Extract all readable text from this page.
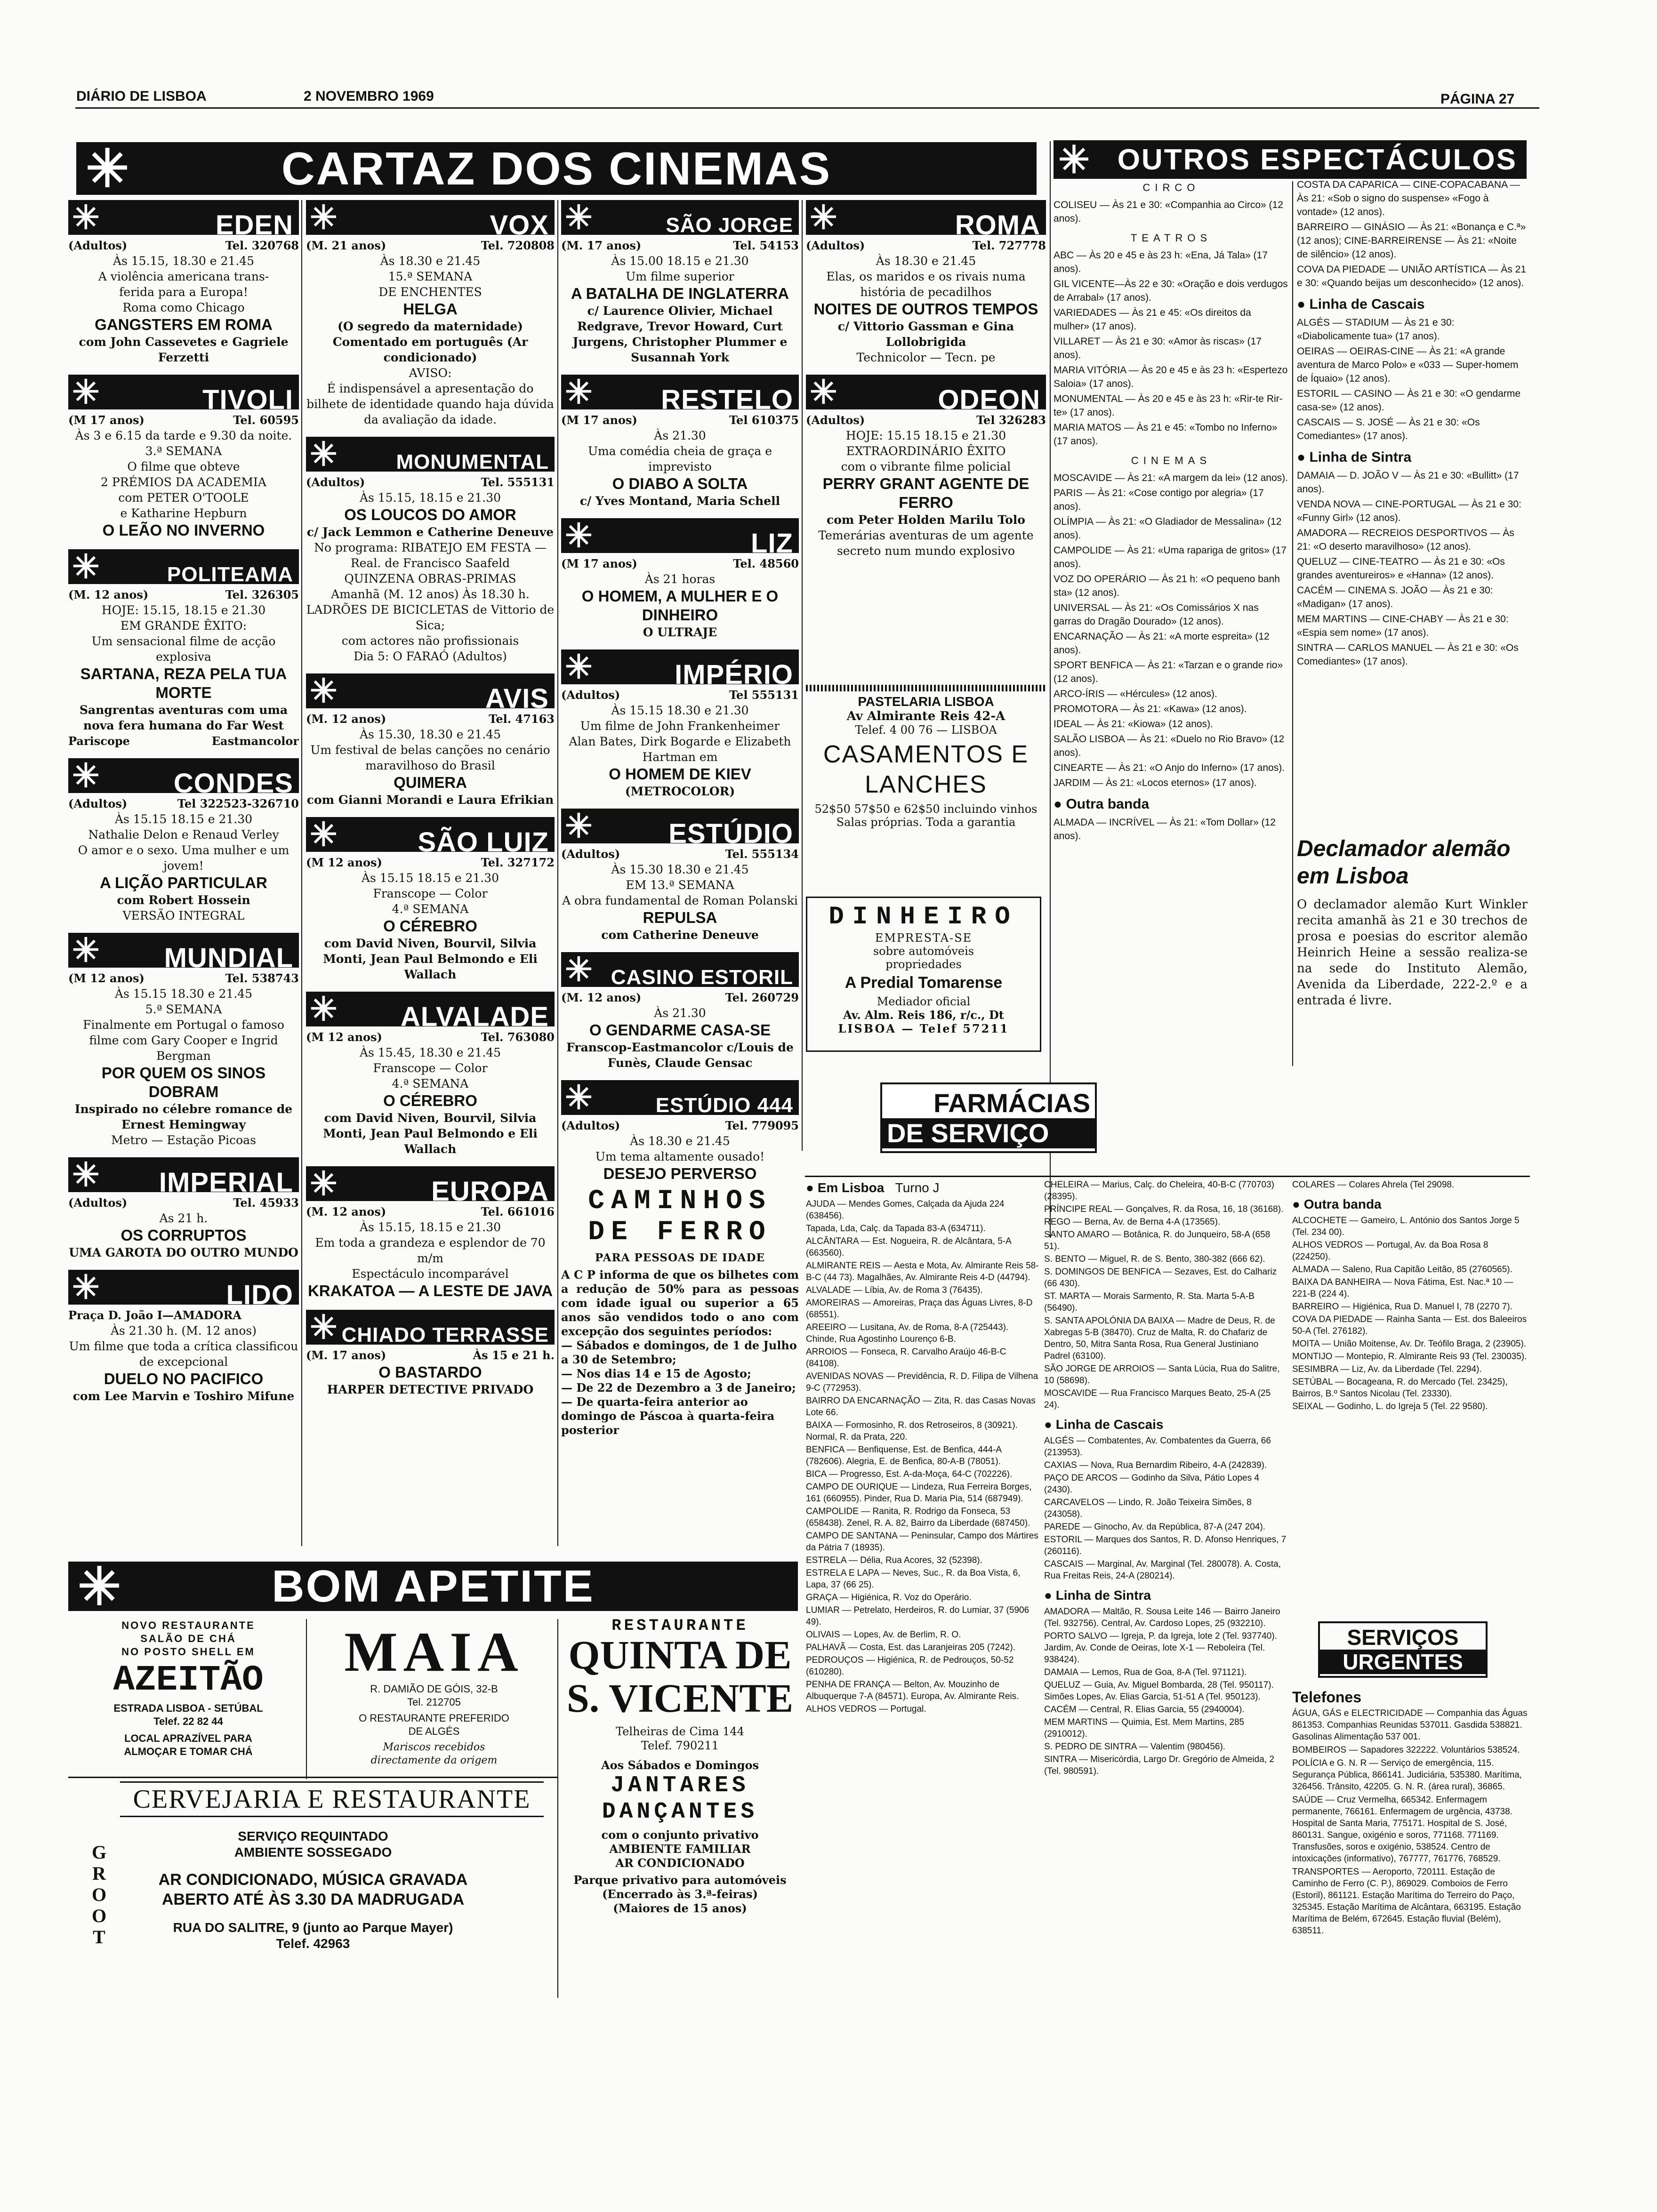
DIÁRIO DE LISBOA	2 NOVEMBRO 1969	PÁGINA 27
✳	CARTAZ DOS CINEMAS
✳	EDEN
(Adultos)	Tel. 320768
Às 15.15, 18.30 e 21.45
A violência americana trans-
ferida para a Europa!
Roma como Chicago
GANGSTERS EM ROMA
com John Cassevetes e Gagriele Ferzetti
✳	TIVOLI
(M 17 anos)	Tel. 60595
Às 3 e 6.15 da tarde e 9.30 da noite.
3.ª SEMANA
O filme que obteve
2 PRÉMIOS DA ACADEMIA
com PETER O'TOOLE
e Katharine Hepburn
O LEÃO NO INVERNO
✳	POLITEAMA
(M. 12 anos)	Tel. 326305
HOJE: 15.15, 18.15 e 21.30
EM GRANDE ÊXITO:
Um sensacional filme de acção explosiva
SARTANA, REZA PELA TUA MORTE
Sangrentas aventuras com uma nova fera humana do Far West
Pariscope	Eastmancolor
✳	CONDES
(Adultos)	Tel 322523-326710
Às 15.15 18.15 e 21.30
Nathalie Delon e Renaud Verley
O amor e o sexo. Uma mulher e um jovem!
A LIÇÃO PARTICULAR
com Robert Hossein
VERSÃO INTEGRAL
✳ MUNDIAL
(M 12 anos)	Tel. 538743
Às 15.15 18.30 e 21.45
5.ª SEMANA
Finalmente em Portugal o famoso filme com Gary Cooper e Ingrid Bergman
POR QUEM OS SINOS DOBRAM
Inspirado no célebre romance de Ernest Hemingway
Metro — Estação Picoas
✳ IMPERIAL
(Adultos)	Tel. 45933
As 21 h.
OS CORRUPTOS
UMA GAROTA DO OUTRO MUNDO
✳	LIDO
Praça D. João I—AMADORA
Às 21.30 h. (M. 12 anos)
Um filme que toda a crítica classificou de excepcional
DUELO NO PACIFICO
com Lee Marvin e Toshiro Mifune
✳	VOX
(M. 21 anos)	Tel. 720808
Às 18.30 e 21.45
15.ª SEMANA
DE ENCHENTES
HELGA
(O segredo da maternidade) Comentado em português (Ar condicionado)
AVISO:
É indispensável a apresentação do bilhete de identidade quando haja dúvida da avaliação da idade.
✳	MONUMENTAL
(Adultos)	Tel. 555131
Às 15.15, 18.15 e 21.30
OS LOUCOS DO AMOR
c/ Jack Lemmon e Catherine Deneuve
No programa: RIBATEJO EM FESTA — Real. de Francisco Saafeld
QUINZENA OBRAS-PRIMAS
Amanhã (M. 12 anos) Às 18.30 h.
LADRÕES DE BICICLETAS de Vittorio de Sica;
com actores não profissionais
Dia 5: O FARAÓ (Adultos)
✳	AVIS
(M. 12 anos)	Tel. 47163
Às 15.30, 18.30 e 21.45
Um festival de belas canções no cenário maravilhoso do Brasil
QUIMERA
com Gianni Morandi e Laura Efrikian
✳	SÃO LUIZ
(M 12 anos)	Tel. 327172
Às 15.15 18.15 e 21.30
Franscope — Color
4.ª SEMANA
O CÉREBRO
com David Niven, Bourvil, Silvia Monti, Jean Paul Belmondo e Eli Wallach
✳ ALVALADE
(M 12 anos)	Tel. 763080
Às 15.45, 18.30 e 21.45
Franscope — Color
4.ª SEMANA
O CÉREBRO
com David Niven, Bourvil, Silvia Monti, Jean Paul Belmondo e Eli Wallach
✳	EUROPA
(M. 12 anos)	Tel. 661016
Às 15.15, 18.15 e 21.30
Em toda a grandeza e esplendor de 70 m/m
Espectáculo incomparável
KRAKATOA — A LESTE DE JAVA
✳ CHIADO TERRASSE
(M. 17 anos)	Às 15 e 21 h.
O BASTARDO
HARPER DETECTIVE PRIVADO
✳	SÃO JORGE
(M. 17 anos)	Tel. 54153
Às 15.00 18.15 e 21.30
Um filme superior
A BATALHA DE INGLATERRA
c/ Laurence Olivier, Michael Redgrave, Trevor Howard, Curt Jurgens, Christopher Plummer e Susannah York
✳ RESTELO
(M 17 anos)	Tel 610375
Às 21.30
Uma comédia cheia de graça e imprevisto
O DIABO A SOLTA
c/ Yves Montand, Maria Schell
✳	LIZ
(M 17 anos)	Tel. 48560
Às 21 horas
O HOMEM, A MULHER E O DINHEIRO
O ULTRAJE
✳	IMPÉRIO
(Adultos)	Tel 555131
Às 15.15 18.30 e 21.30
Um filme de John Frankenheimer
Alan Bates, Dirk Bogarde e Elizabeth Hartman em
O HOMEM DE KIEV
(METROCOLOR)
✳	ESTÚDIO
(Adultos)	Tel. 555134
Às 15.30 18.30 e 21.45
EM 13.ª SEMANA
A obra fundamental de Roman Polanski
REPULSA
com Catherine Deneuve
✳ CASINO ESTORIL
(M. 12 anos)	Tel. 260729
Às 21.30
O GENDARME CASA-SE
Franscop-Eastmancolor c/Louis de Funès, Claude Gensac
✳	ESTÚDIO 444
(Adultos)	Tel. 779095
Às 18.30 e 21.45
Um tema altamente ousado!
DESEJO PERVERSO
✳	ROMA
(Adultos)	Tel. 727778
Às 18.30 e 21.45
Elas, os maridos e os rivais numa história de pecadilhos
NOITES DE OUTROS TEMPOS
c/ Vittorio Gassman e Gina Lollobrigida
Technicolor — Tecn. pe
✳	ODEON
(Adultos)	Tel 326283
HOJE: 15.15 18.15 e 21.30
EXTRAORDINÁRIO ÊXITO
com o vibrante filme policial
PERRY GRANT AGENTE DE FERRO
com Peter Holden Marilu Tolo
Temerárias aventuras de um agente secreto num mundo explosivo
PASTELARIA LISBOA
Av Almirante Reis 42-A
Telef. 4 00 76 — LISBOA
CASAMENTOS E LANCHES
52$50 57$50 e 62$50 incluindo vinhos
Salas próprias. Toda a garantia
DINHEIRO
EMPRESTA-SE
sobre automóveis
propriedades
A Predial Tomarense
Mediador oficial
Av. Alm. Reis 186, r/c., Dt
LISBOA — Telef 57211
CAMINHOS
DE FERRO
PARA PESSOAS DE IDADE
A C P informa de que os bilhetes com a redução de 50% para as pessoas com idade igual ou superior a 65 anos são vendidos todo o ano com excepção dos seguintes períodos:
— Sábados e domingos, de 1 de Julho a 30 de Setembro;
— Nos dias 14 e 15 de Agosto;
— De 22 de Dezembro a 3 de Janeiro;
— De quarta-feira anterior ao domingo de Páscoa à quarta-feira posterior
✳ OUTROS ESPECTÁCULOS
CIRCO

COLISEU — Às 21 e 30: «Companhia ao Circo» (12 anos).

TEATROS

ABC — Às 20 e 45 e às 23 h: «Ena, Já Tala» (17 anos).

GIL VICENTE—Às 22 e 30: «Oração e dois verdugos de Arrabal» (17 anos).

VARIEDADES — Às 21 e 45: «Os direitos da mulher» (17 anos).

VILLARET — Às 21 e 30: «Amor às riscas» (17 anos).

MARIA VITÓRIA — Às 20 e 45 e às 23 h: «Espertezo Saloia» (17 anos).

MONUMENTAL — Às 20 e 45 e às 23 h: «Rir-te Rir-te» (17 anos).

MARIA MATOS — Às 21 e 45: «Tombo no Inferno» (17 anos).

CINEMAS

MOSCAVIDE — Às 21: «A margem da lei» (12 anos).

PARIS — Às 21: «Cose contigo por alegria» (17 anos).

OLÍMPIA — Às 21: «O Gladiador de Messalina» (12 anos).

CAMPOLIDE — Às 21: «Uma rapariga de gritos» (17 anos).

VOZ DO OPERÁRIO — Às 21 h: «O pequeno banh sta» (12 anos).

UNIVERSAL — Às 21: «Os Comissários X nas garras do Dragão Dourado» (12 anos).

ENCARNAÇÃO — Às 21: «A morte espreita» (12 anos).

SPORT BENFICA — Às 21: «Tarzan e o grande rio» (12 anos).

ARCO-ÍRIS — «Hércules» (12 anos).

PROMOTORA — Às 21: «Kawa» (12 anos).

IDEAL — Às 21: «Kiowa» (12 anos).

SALÃO LISBOA — Às 21: «Duelo no Rio Bravo» (12 anos).

CINEARTE — Às 21: «O Anjo do Inferno» (17 anos).

JARDIM — Às 21: «Locos eternos» (17 anos).

● Outra banda

ALMADA — INCRÍVEL — Às 21: «Tom Dollar» (12 anos).

COSTA DA CAPARICA — CINE-COPACABANA — Às 21: «Sob o signo do suspense» «Fogo à vontade» (12 anos).

BARREIRO — GINÁSIO — Às 21: «Bonança e C.ª» (12 anos); CINE-BARREIRENSE — Às 21: «Noite de silêncio» (12 anos).

COVA DA PIEDADE — UNIÃO ARTÍSTICA — Às 21 e 30: «Quando beijas um desconhecido» (12 anos).

● Linha de Cascais

ALGÉS — STADIUM — Às 21 e 30: «Diabolicamente tua» (17 anos).

OEIRAS — OEIRAS-CINE — Às 21: «A grande aventura de Marco Polo» e «033 — Super-homem de Íquaio» (12 anos).

ESTORIL — CASINO — Às 21 e 30: «O gendarme casa-se» (12 anos).

CASCAIS — S. JOSÉ — Às 21 e 30: «Os Comediantes» (17 anos).

● Linha de Sintra

DAMAIA — D. JOÃO V — Às 21 e 30: «Bullitt» (17 anos).

VENDA NOVA — CINE-PORTUGAL — Às 21 e 30: «Funny Girl» (12 anos).

AMADORA — RECREIOS DESPORTIVOS — Às 21: «O deserto maravilhoso» (12 anos).

QUELUZ — CINE-TEATRO — Às 21 e 30: «Os grandes aventureiros» e «Hanna» (12 anos).

CACÉM — CINEMA S. JOÃO — Às 21 e 30: «Madigan» (17 anos).

MEM MARTINS — CINE-CHABY — Às 21 e 30: «Espia sem nome» (17 anos).

SINTRA — CARLOS MANUEL — Às 21 e 30: «Os Comediantes» (17 anos).

Declamador alemão
em Lisboa
O declamador alemão Kurt Winkler recita amanhã às 21 e 30 trechos de prosa e poesias do escritor alemão Heinrich Heine a sessão realiza-se na sede do Instituto Alemão, Avenida da Liberdade, 222-2.º e a entrada é livre.
FARMÁCIAS
DE SERVIÇO
● Em Lisboa Turno J

AJUDA — Mendes Gomes, Calçada da Ajuda 224 (638456).

Tapada, Lda, Calç. da Tapada 83-A (634711).

ALCÂNTARA — Est. Nogueira, R. de Alcântara, 5-A (663560).

ALMIRANTE REIS — Aesta e Mota, Av. Almirante Reis 58-B-C (44 73). Magalhães, Av. Almirante Reis 4-D (44794).

ALVALADE — Líbia, Av. de Roma 3 (76435).

AMOREIRAS — Amoreiras, Praça das Águas Livres, 8-D (68551).

AREEIRO — Lusitana, Av. de Roma, 8-A (725443). Chinde, Rua Agostinho Lourenço 6-B.

ARROIOS — Fonseca, R. Carvalho Araújo 46-B-C (84108).

AVENIDAS NOVAS — Previdência, R. D. Filipa de Vilhena 9-C (772953).

BAIRRO DA ENCARNAÇÃO — Zita, R. das Casas Novas Lote 66.

BAIXA — Formosinho, R. dos Retroseiros, 8 (30921). Normal, R. da Prata, 220.

BENFICA — Benfiquense, Est. de Benfica, 444-A (782606). Alegria, E. de Benfica, 80-A-B (78051).

BICA — Progresso, Est. A-da-Moça, 64-C (702226).

CAMPO DE OURIQUE — Lindeza, Rua Ferreira Borges, 161 (660955). Pinder, Rua D. Maria Pia, 514 (687949).

CAMPOLIDE — Ranita, R. Rodrigo da Fonseca, 53 (658438). Zenel, R. A. 82, Bairro da Liberdade (687450).

CAMPO DE SANTANA — Peninsular, Campo dos Mártires da Pátria 7 (18935).

ESTRELA — Délia, Rua Acores, 32 (52398).

ESTRELA E LAPA — Neves, Suc., R. da Boa Vista, 6, Lapa, 37 (66 25).

GRAÇA — Higiénica, R. Voz do Operário.

LUMIAR — Petrelato, Herdeiros, R. do Lumiar, 37 (5906 49).

OLIVAIS — Lopes, Av. de Berlim, R. O.

PALHAVÃ — Costa, Est. das Laranjeiras 205 (7242).

PEDROUÇOS — Higiénica, R. de Pedrouços, 50-52 (610280).

PENHA DE FRANÇA — Belton, Av. Mouzinho de Albuquerque 7-A (84571). Europa, Av. Almirante Reis.

ALHOS VEDROS — Portugal.

CHELEIRA — Marius, Calç. do Cheleira, 40-B-C (770703) (28395).

PRÍNCIPE REAL — Gonçalves, R. da Rosa, 16, 18 (36168).

REGO — Berna, Av. de Berna 4-A (173565).

SANTO AMARO — Botânica, R. do Junqueiro, 58-A (658 51).

S. BENTO — Miguel, R. de S. Bento, 380-382 (666 62).

S. DOMINGOS DE BENFICA — Sezaves, Est. do Calhariz (66 430).

ST. MARTA — Morais Sarmento, R. Sta. Marta 5-A-B (56490).

S. SANTA APOLÓNIA DA BAIXA — Madre de Deus, R. de Xabregas 5-B (38470). Cruz de Malta, R. do Chafariz de Dentro, 50, Mitra Santa Rosa, Rua General Justiniano Padrel (63100).

SÃO JORGE DE ARROIOS — Santa Lúcia, Rua do Salitre, 10 (58698).

MOSCAVIDE — Rua Francisco Marques Beato, 25-A (25 24).

● Linha de Cascais

ALGÉS — Combatentes, Av. Combatentes da Guerra, 66 (213953).

CAXIAS — Nova, Rua Bernardim Ribeiro, 4-A (242839).

PAÇO DE ARCOS — Godinho da Silva, Pátio Lopes 4 (2430).

CARCAVELOS — Lindo, R. João Teixeira Simões, 8 (243058).

PAREDE — Ginocho, Av. da República, 87-A (247 204).

ESTORIL — Marques dos Santos, R. D. Afonso Henriques, 7 (260116).

CASCAIS — Marginal, Av. Marginal (Tel. 280078). A. Costa, Rua Freitas Reis, 24-A (280214).

● Linha de Sintra

AMADORA — Maltão, R. Sousa Leite 146 — Bairro Janeiro (Tel. 932756). Central, Av. Cardoso Lopes, 25 (932210).

PORTO SALVO — Igreja, P. da Igreja, lote 2 (Tel. 937740). Jardim, Av. Conde de Oeiras, lote X-1 — Reboleira (Tel. 938424).

DAMAIA — Lemos, Rua de Goa, 8-A (Tel. 971121).

QUELUZ — Guia, Av. Miguel Bombarda, 28 (Tel. 950117). Simões Lopes, Av. Elias Garcia, 51-51 A (Tel. 950123).

CACÉM — Central, R. Elias Garcia, 55 (2940004).

MEM MARTINS — Quimia, Est. Mem Martins, 285 (2910012).

S. PEDRO DE SINTRA — Valentim (980456).

SINTRA — Misericórdia, Largo Dr. Gregório de Almeida, 2 (Tel. 980591).

COLARES — Colares Ahrela (Tel 29098.

● Outra banda

ALCOCHETE — Gameiro, L. António dos Santos Jorge 5 (Tel. 234 00).

ALHOS VEDROS — Portugal, Av. da Boa Rosa 8 (224250).

ALMADA — Saleno, Rua Capitão Leitão, 85 (2760565).

BAIXA DA BANHEIRA — Nova Fátima, Est. Nac.ª 10 — 221-B (224 4).

BARREIRO — Higiénica, Rua D. Manuel I, 78 (2270 7).

COVA DA PIEDADE — Rainha Santa — Est. dos Baleeiros 50-A (Tel. 276182).

MOITA — União Moitense, Av. Dr. Teófilo Braga, 2 (23905).

MONTIJO — Montepio, R. Almirante Reis 93 (Tel. 230035).

SESIMBRA — Liz, Av. da Liberdade (Tel. 2294).

SETÚBAL — Bocageana, R. do Mercado (Tel. 23425), Bairros, B.º Santos Nicolau (Tel. 23330).

SEIXAL — Godinho, L. do Igreja 5 (Tel. 22 9580).

SERVIÇOS
URGENTES
Telefones

ÁGUA, GÁS e ELECTRICIDADE — Companhia das Águas 861353. Companhias Reunidas 537011. Gasdida 538821. Gasolinas Alimentação 537 001.

BOMBEIROS — Sapadores 322222. Voluntários 538524.

POLÍCIA e G. N. R — Serviço de emergência, 115. Segurança Pública, 866141. Judiciária, 535380. Marítima, 326456. Trânsito, 42205. G. N. R. (área rural), 36865.

SAÚDE — Cruz Vermelha, 665342. Enfermagem permanente, 766161. Enfermagem de urgência, 43738. Hospital de Santa Maria, 775171. Hospital de S. José, 860131. Sangue, oxigénio e soros, 771168. 771169. Transfusões, soros e oxigénio, 538524. Centro de intoxicações (informativo), 767777, 761776, 768529.

TRANSPORTES — Aeroporto, 720111. Estação de Caminho de Ferro (C. P.), 869029. Comboios de Ferro (Estoril), 861121. Estação Marítima do Terreiro do Paço, 325345. Estação Marítima de Alcântara, 663195. Estação Marítima de Belém, 672645. Estação fluvial (Belém), 638511.

✳	BOM APETITE
NOVO RESTAURANTE
SALÃO DE CHÁ
NO POSTO SHELL EM
AZEITÃO
ESTRADA LISBOA - SETÚBAL
Telef. 22 82 44
LOCAL APRAZÍVEL PARA
ALMOÇAR E TOMAR CHÁ
MAIA
R. DAMIÃO DE GÓIS, 32-B
Tel. 212705
O RESTAURANTE PREFERIDO
DE ALGÉS
Mariscos recebidos
directamente da origem
RESTAURANTE
QUINTA DE
S. VICENTE
Telheiras de Cima 144
Telef. 790211
Aos Sábados e Domingos
JANTARES
DANÇANTES
com o conjunto privativo
AMBIENTE FAMILIAR
AR CONDICIONADO
Parque privativo para automóveis
(Encerrado às 3.ª-feiras)
(Maiores de 15 anos)
GROOT
CERVEJARIA E RESTAURANTE
SERVIÇO REQUINTADO
AMBIENTE SOSSEGADO
AR CONDICIONADO, MÚSICA GRAVADA
ABERTO ATÉ ÀS 3.30 DA MADRUGADA
RUA DO SALITRE, 9 (junto ao Parque Mayer)
Telef. 42963
